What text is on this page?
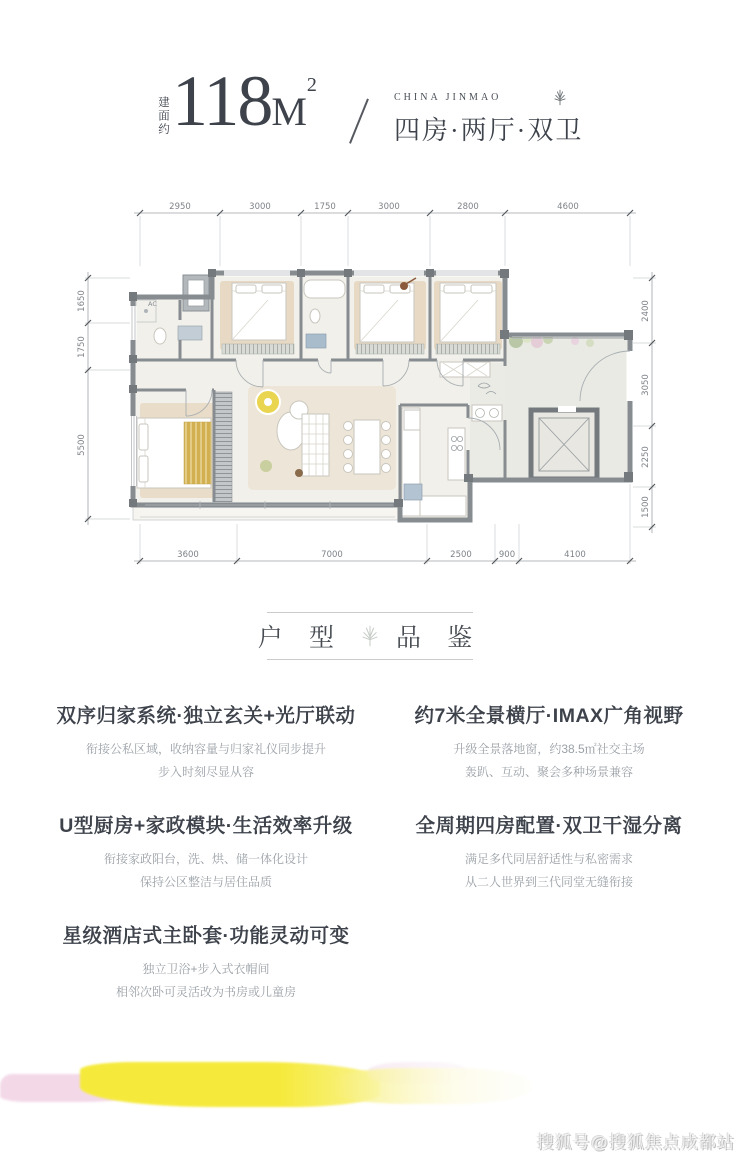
建面约 118M2
CHINA JINMAO
四房·两厅·双卫
AC
2950	3000	1750	3000	2800	4600
3600	7000	2500	900	4100
1650
1750
5500
2400
3050
2250
1500
户 型 品 鉴
双序归家系统·独立玄关+光厅联动

衔接公私区域，收纳容量与归家礼仪同步提升
步入时刻尽显从容

约7米全景横厅·IMAX广角视野

升级全景落地窗，约38.5㎡社交主场
轰趴、互动、聚会多种场景兼容

U型厨房+家政模块·生活效率升级

衔接家政阳台，洗、烘、储一体化设计
保持公区整洁与居住品质

全周期四房配置·双卫干湿分离

满足多代同居舒适性与私密需求
从二人世界到三代同堂无缝衔接

星级酒店式主卧套·功能灵动可变

独立卫浴+步入式衣帽间
相邻次卧可灵活改为书房或儿童房

搜狐号@搜狐焦点成都站
